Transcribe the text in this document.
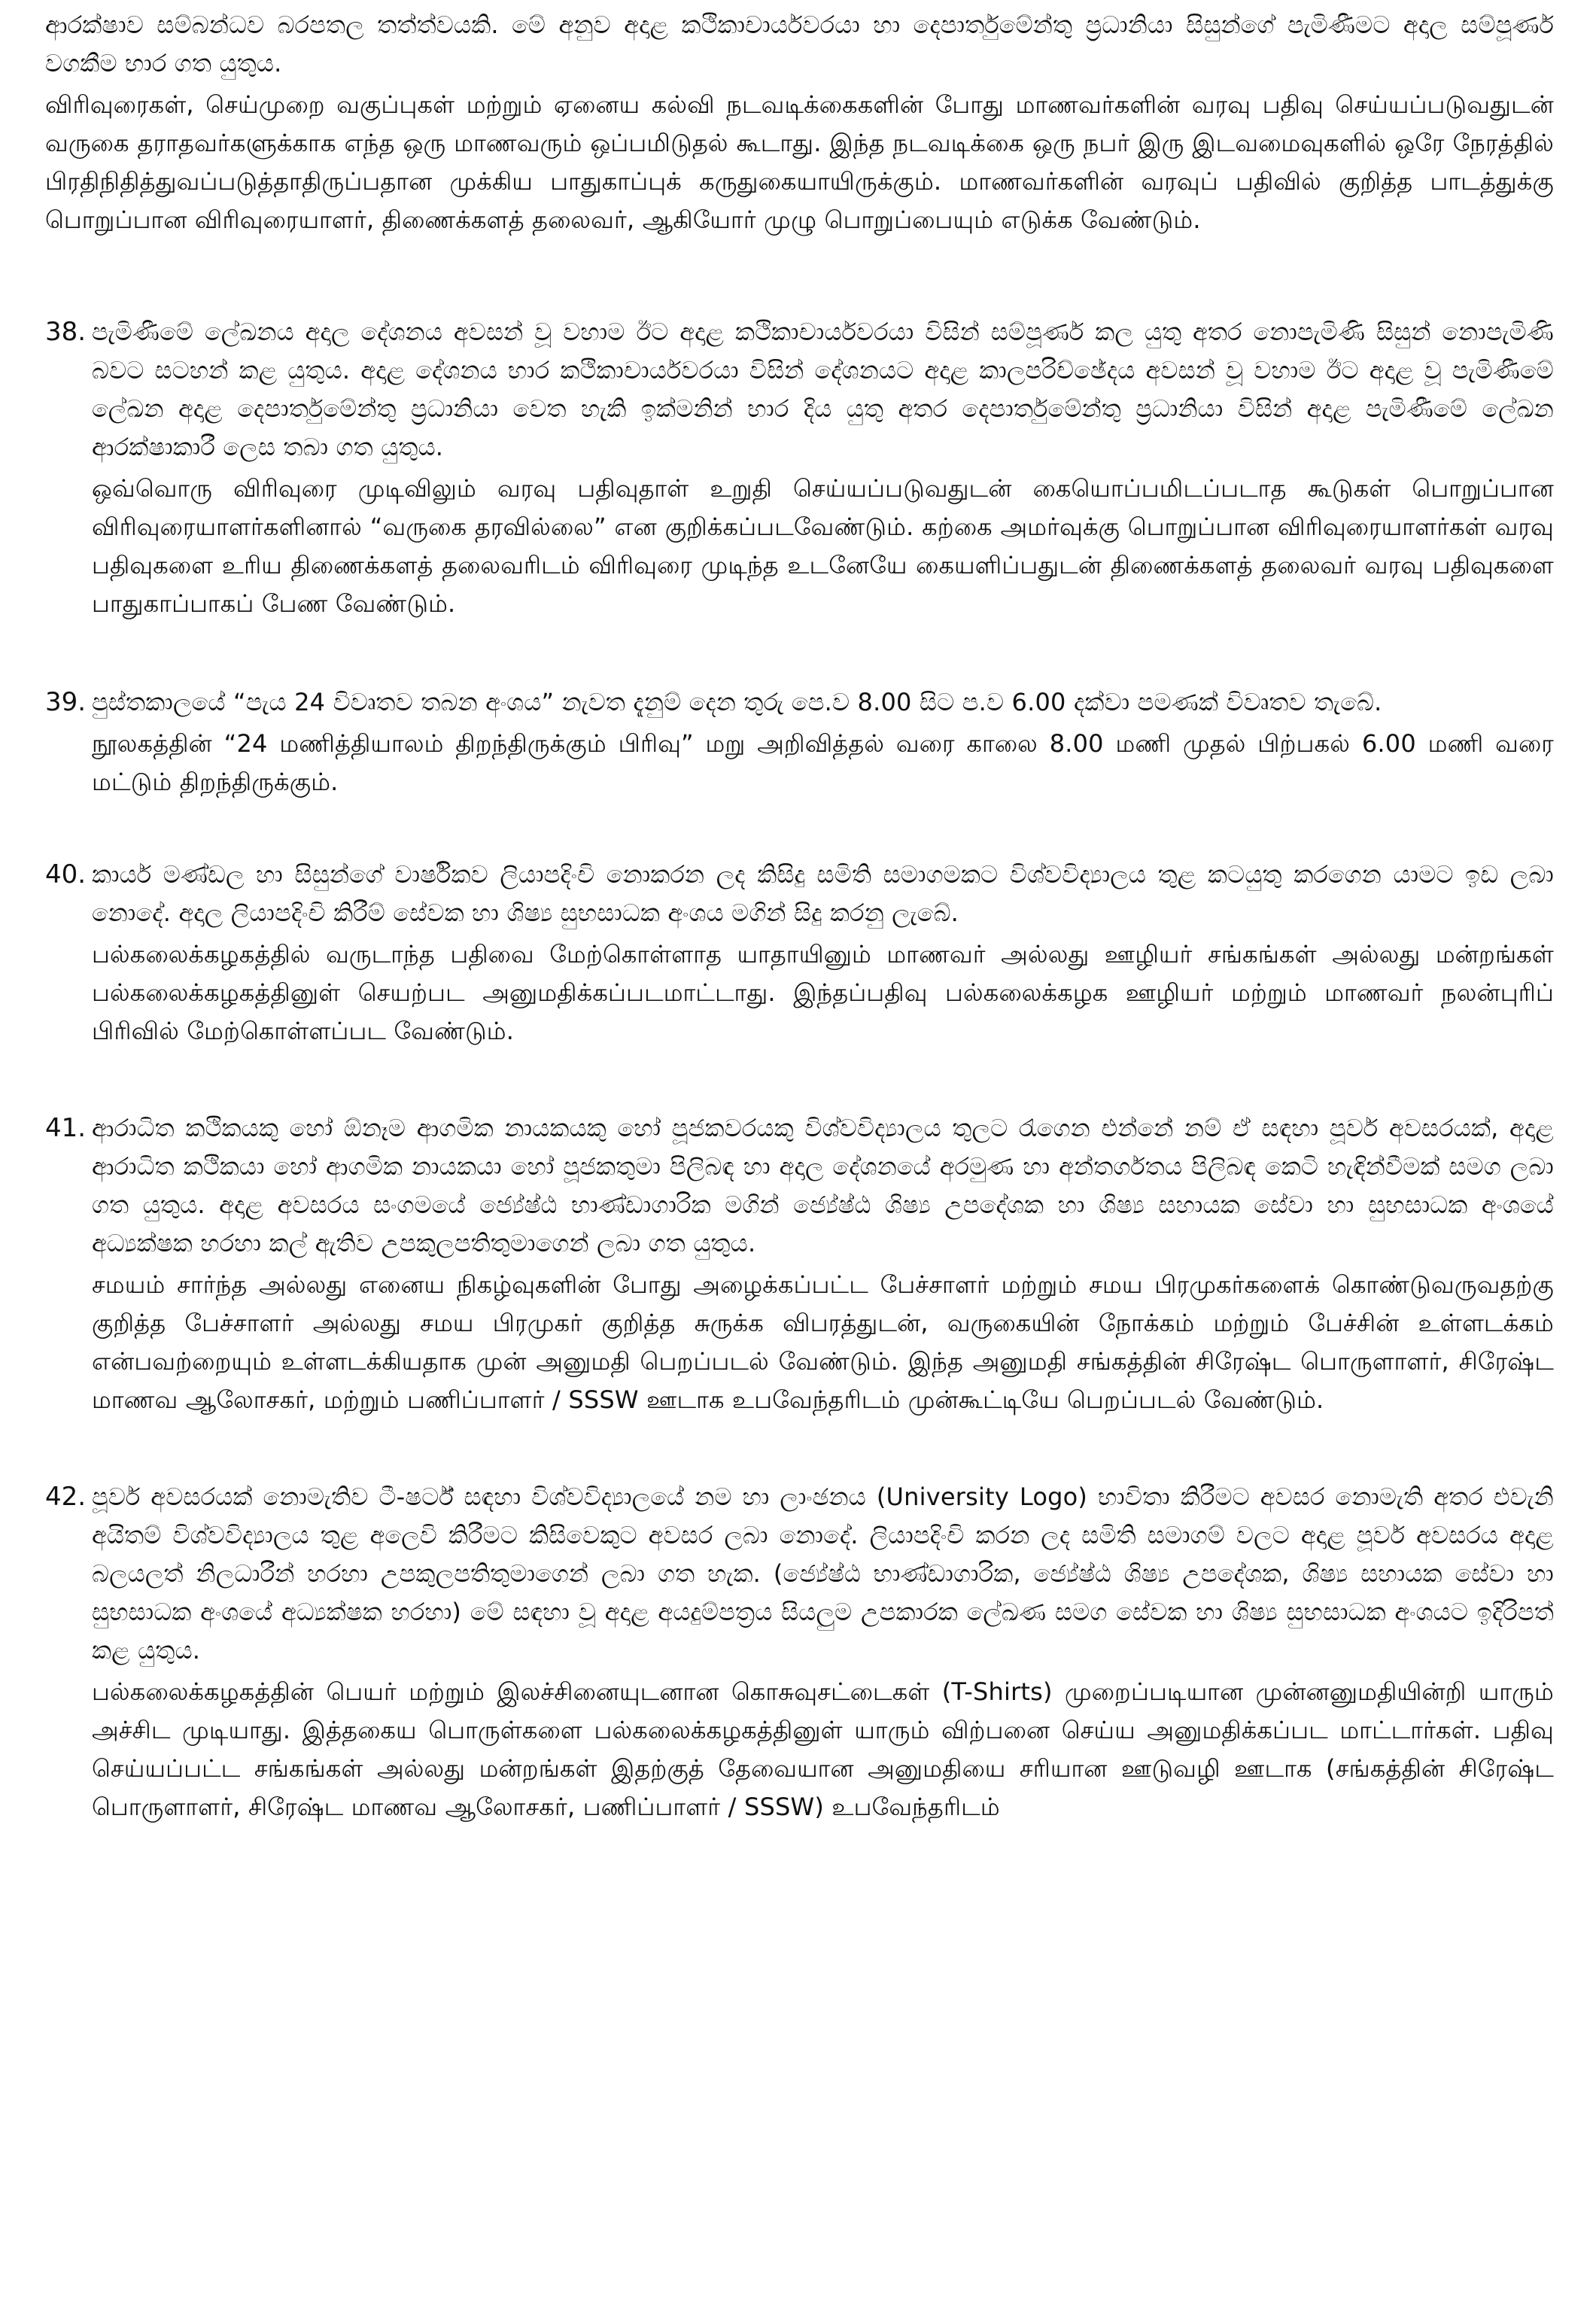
ආරක්ෂාව සම්බන්ධව බරපතල තත්ත්වයකි. මේ අනුව අදාළ කථිකාචාර්යවරයා හා දෙපාර්තුමේන්තු ප්‍රධානියා සිසුන්ගේ පැමිණීමට අදාල සම්පූර්ණ වගකීම භාර ගත යුතුය.

விரிவுரைகள், செய்முறை வகுப்புகள் மற்றும் ஏனைய கல்வி நடவடிக்கைகளின் போது மாணவர்களின் வரவு பதிவு செய்யப்படுவதுடன் வருகை தராதவர்களுக்காக எந்த ஒரு மாணவரும் ஒப்பமிடுதல் கூடாது. இந்த நடவடிக்கை ஒரு நபர் இரு இடவமைவுகளில் ஒரே நேரத்தில் பிரதிநிதித்துவப்படுத்தாதிருப்பதான முக்கிய பாதுகாப்புக் கருதுகையாயிருக்கும். மாணவர்களின் வரவுப் பதிவில் குறித்த பாடத்துக்கு பொறுப்பான விரிவுரையாளர், திணைக்களத் தலைவர், ஆகியோர் முழு பொறுப்பையும் எடுக்க வேண்டும்.

38. පැමිණීමේ ලේඛනය අදාල දේශනය අවසන් වූ වහාම ඊට අදාළ කථිකාචාර්යවරයා විසින් සම්පූර්ණ කල යුතු අතර නොපැමිණි සිසුන් නොපැමිණි බවට සටහන් කළ යුතුය. අදාළ දේශනය භාර කථිකාචාර්යවරයා විසින් දේශනයට අදාළ කාලපරිච්ඡේදය අවසන් වූ වහාම ඊට අදාළ වූ පැමිණීමේ ලේඛන අදාළ දෙපාර්තුමේන්තු ප්‍රධානියා වෙත හැකි ඉක්මනින් භාර දිය යුතු අතර දෙපාර්තුමේන්තු ප්‍රධානියා විසින් අදාළ පැමිණීමේ ලේඛන ආරක්ෂාකාරී ලෙස තබා ගත යුතුය.

ஒவ்வொரு விரிவுரை முடிவிலும் வரவு பதிவுதாள் உறுதி செய்யப்படுவதுடன் கையொப்பமிடப்படாத கூடுகள் பொறுப்பான விரிவுரையாளர்களினால் “வருகை தரவில்லை” என குறிக்கப்படவேண்டும். கற்கை அமர்வுக்கு பொறுப்பான விரிவுரையாளர்கள் வரவு பதிவுகளை உரிய திணைக்களத் தலைவரிடம் விரிவுரை முடிந்த உடனேயே கையளிப்பதுடன் திணைக்களத் தலைவர் வரவு பதிவுகளை பாதுகாப்பாகப் பேண வேண்டும்.

39. පුස්තකාලයේ “පැය 24 විවෘතව තබන අංශය” නැවත දැනුම් දෙන තුරු පෙ.ව 8.00 සිට ප.ව 6.00 දක්වා පමණක් විවෘතව තැබේ.

நூலகத்தின் “24 மணித்தியாலம் திறந்திருக்கும் பிரிவு” மறு அறிவித்தல் வரை காலை 8.00 மணி முதல் பிற்பகல் 6.00 மணி வரை மட்டும் திறந்திருக்கும்.

40. කාර්ය මණ්ඩල හා සිසුන්ගේ වාර්ෂිකව ලියාපදිංචි නොකරන ලද කිසිදු සමිති සමාගමකට විශ්වවිද්‍යාලය තුළ කටයුතු කරගෙන යාමට ඉඩ ලබා නොදේ. අදාල ලියාපදිංචි කිරීම් සේවක හා ශිෂ්‍ය සුභසාධක අංශය මගින් සිදු කරනු ලැබේ.

பல்கலைக்கழகத்தில் வருடாந்த பதிவை மேற்கொள்ளாத யாதாயினும் மாணவர் அல்லது ஊழியர் சங்கங்கள் அல்லது மன்றங்கள் பல்கலைக்கழகத்தினுள் செயற்பட அனுமதிக்கப்படமாட்டாது. இந்தப்பதிவு பல்கலைக்கழக ஊழியர் மற்றும் மாணவர் நலன்புரிப் பிரிவில் மேற்கொள்ளப்பட வேண்டும்.

41. ආරාධිත කථිකයකු හෝ ඕනෑම ආගමික නායකයකු හෝ පූජකවරයකු විශ්වවිද්‍යාලය තුලට රැගෙන එන්නේ නම් ඒ සඳහා පූර්ව අවසරයක්, අදාළ ආරාධිත කථිකයා හෝ ආගමික නායකයා හෝ පූජකතුමා පිලිබඳ හා අදාල දේශනයේ අරමුණ හා අන්තර්ගතය පිලිබඳ කෙටි හැඳින්වීමක් සමග ලබා ගත යුතුය. අදාළ අවසරය සංගමයේ ජ්‍යේෂ්ඨ භාණ්ඩාගාරික මගින් ජ්‍යේෂ්ඨ ශිෂ්‍ය උපදේශක හා ශිෂ්‍ය සහායක සේවා හා සුභසාධක අංශයේ අධ්‍යක්ෂක හරහා කල් ඇතිව උපකුලපතිතුමාගෙන් ලබා ගත යුතුය.

சமயம் சார்ந்த அல்லது எனைய நிகழ்வுகளின் போது அழைக்கப்பட்ட பேச்சாளர் மற்றும் சமய பிரமுகர்களைக் கொண்டுவருவதற்கு குறித்த பேச்சாளர் அல்லது சமய பிரமுகர் குறித்த சுருக்க விபரத்துடன், வருகையின் நோக்கம் மற்றும் பேச்சின் உள்ளடக்கம் என்பவற்றையும் உள்ளடக்கியதாக முன் அனுமதி பெறப்படல் வேண்டும். இந்த அனுமதி சங்கத்தின் சிரேஷ்ட பொருளாளர், சிரேஷ்ட மாணவ ஆலோசகர், மற்றும் பணிப்பாளர் / SSSW ஊடாக உபவேந்தரிடம் முன்கூட்டியே பெறப்படல் வேண்டும்.

42. පූර්ව අවසරයක් නොමැතිව ටී-ෂර්ට් සඳහා විශ්වවිද්‍යාලයේ නම හා ලාංඡනය (University Logo) භාවිතා කිරීමට අවසර නොමැති අතර එවැනි අයිතම් විශ්වවිද්‍යාලය තුළ අලෙවි කිරීමට කිසිවෙකුට අවසර ලබා නොදේ. ලියාපදිංචි කරන ලද සමිති සමාගම් වලට අදාළ පූර්ව අවසරය අදාළ බලයලත් නිලධාරීන් හරහා උපකුලපතිතුමාගෙන් ලබා ගත හැක. (ජ්‍යේෂ්ඨ භාණ්ඩාගාරික, ජ්‍යේෂ්ඨ ශිෂ්‍ය උපදේශක, ශිෂ්‍ය සහායක සේවා හා සුභසාධක අංශයේ අධ්‍යක්ෂක හරහා) මේ සඳහා වූ අදාළ අයදුම්පත්‍රය සියලුම උපකාරක ලේඛණ සමග සේවක හා ශිෂ්‍ය සුභසාධක අංශයට ඉදිරිපත් කළ යුතුය.

பல்கலைக்கழகத்தின் பெயர் மற்றும் இலச்சினையுடனான கொசுவுசட்டைகள் (T-Shirts) முறைப்படியான முன்னனுமதியின்றி யாரும் அச்சிட முடியாது. இத்தகைய பொருள்களை பல்கலைக்கழகத்தினுள் யாரும் விற்பனை செய்ய அனுமதிக்கப்பட மாட்டார்கள். பதிவு செய்யப்பட்ட சங்கங்கள் அல்லது மன்றங்கள் இதற்குத் தேவையான அனுமதியை சரியான ஊடுவழி ஊடாக (சங்கத்தின் சிரேஷ்ட பொருளாளர், சிரேஷ்ட மாணவ ஆலோசகர், பணிப்பாளர் / SSSW) உபவேந்தரிடம்
